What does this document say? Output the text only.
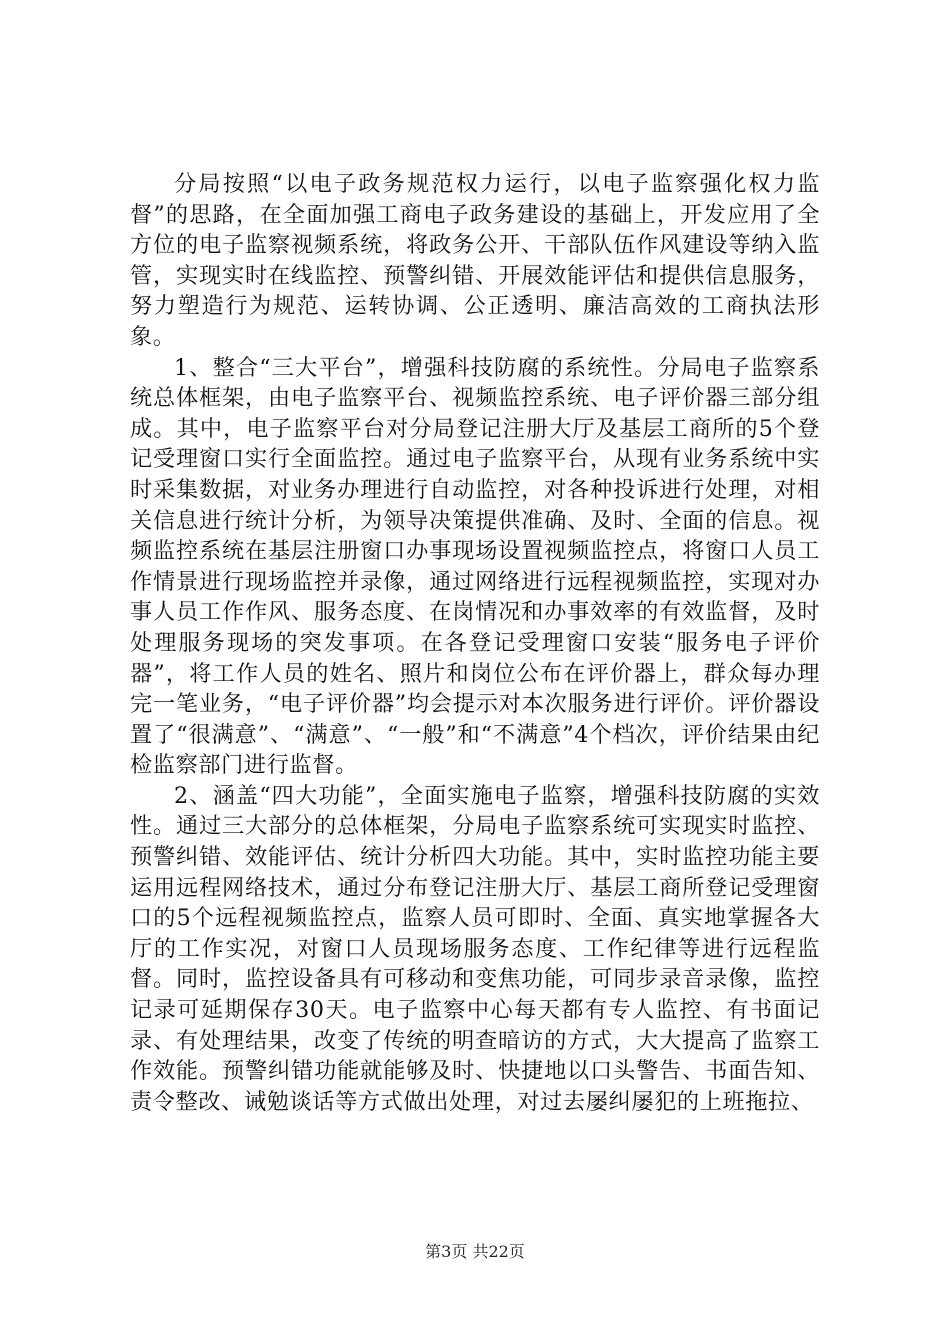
分局按照“以电子政务规范权力运行，以电子监察强化权力监督”的思路，在全面加强工商电子政务建设的基础上，开发应用了全方位的电子监察视频系统，将政务公开、干部队伍作风建设等纳入监管，实现实时在线监控、预警纠错、开展效能评估和提供信息服务，努力塑造行为规范、运转协调、公正透明、廉洁高效的工商执法形象。

1、整合“三大平台”，增强科技防腐的系统性。分局电子监察系统总体框架，由电子监察平台、视频监控系统、电子评价器三部分组成。其中，电子监察平台对分局登记注册大厅及基层工商所的5个登记受理窗口实行全面监控。通过电子监察平台，从现有业务系统中实时采集数据，对业务办理进行自动监控，对各种投诉进行处理，对相关信息进行统计分析，为领导决策提供准确、及时、全面的信息。视频监控系统在基层注册窗口办事现场设置视频监控点，将窗口人员工作情景进行现场监控并录像，通过网络进行远程视频监控，实现对办事人员工作作风、服务态度、在岗情况和办事效率的有效监督，及时处理服务现场的突发事项。在各登记受理窗口安装“服务电子评价器”，将工作人员的姓名、照片和岗位公布在评价器上，群众每办理完一笔业务，“电子评价器”均会提示对本次服务进行评价。评价器设置了“很满意”、“满意”、“一般”和“不满意”4个档次，评价结果由纪检监察部门进行监督。

2、涵盖“四大功能”，全面实施电子监察，增强科技防腐的实效性。通过三大部分的总体框架，分局电子监察系统可实现实时监控、预警纠错、效能评估、统计分析四大功能。其中，实时监控功能主要运用远程网络技术，通过分布登记注册大厅、基层工商所登记受理窗口的5个远程视频监控点，监察人员可即时、全面、真实地掌握各大厅的工作实况，对窗口人员现场服务态度、工作纪律等进行远程监督。同时，监控设备具有可移动和变焦功能，可同步录音录像，监控记录可延期保存30天。电子监察中心每天都有专人监控、有书面记录、有处理结果，改变了传统的明查暗访的方式，大大提高了监察工作效能。预警纠错功能就能够及时、快捷地以口头警告、书面告知、责令整改、诫勉谈话等方式做出处理，对过去屡纠屡犯的上班拖拉、

第3页 共22页
